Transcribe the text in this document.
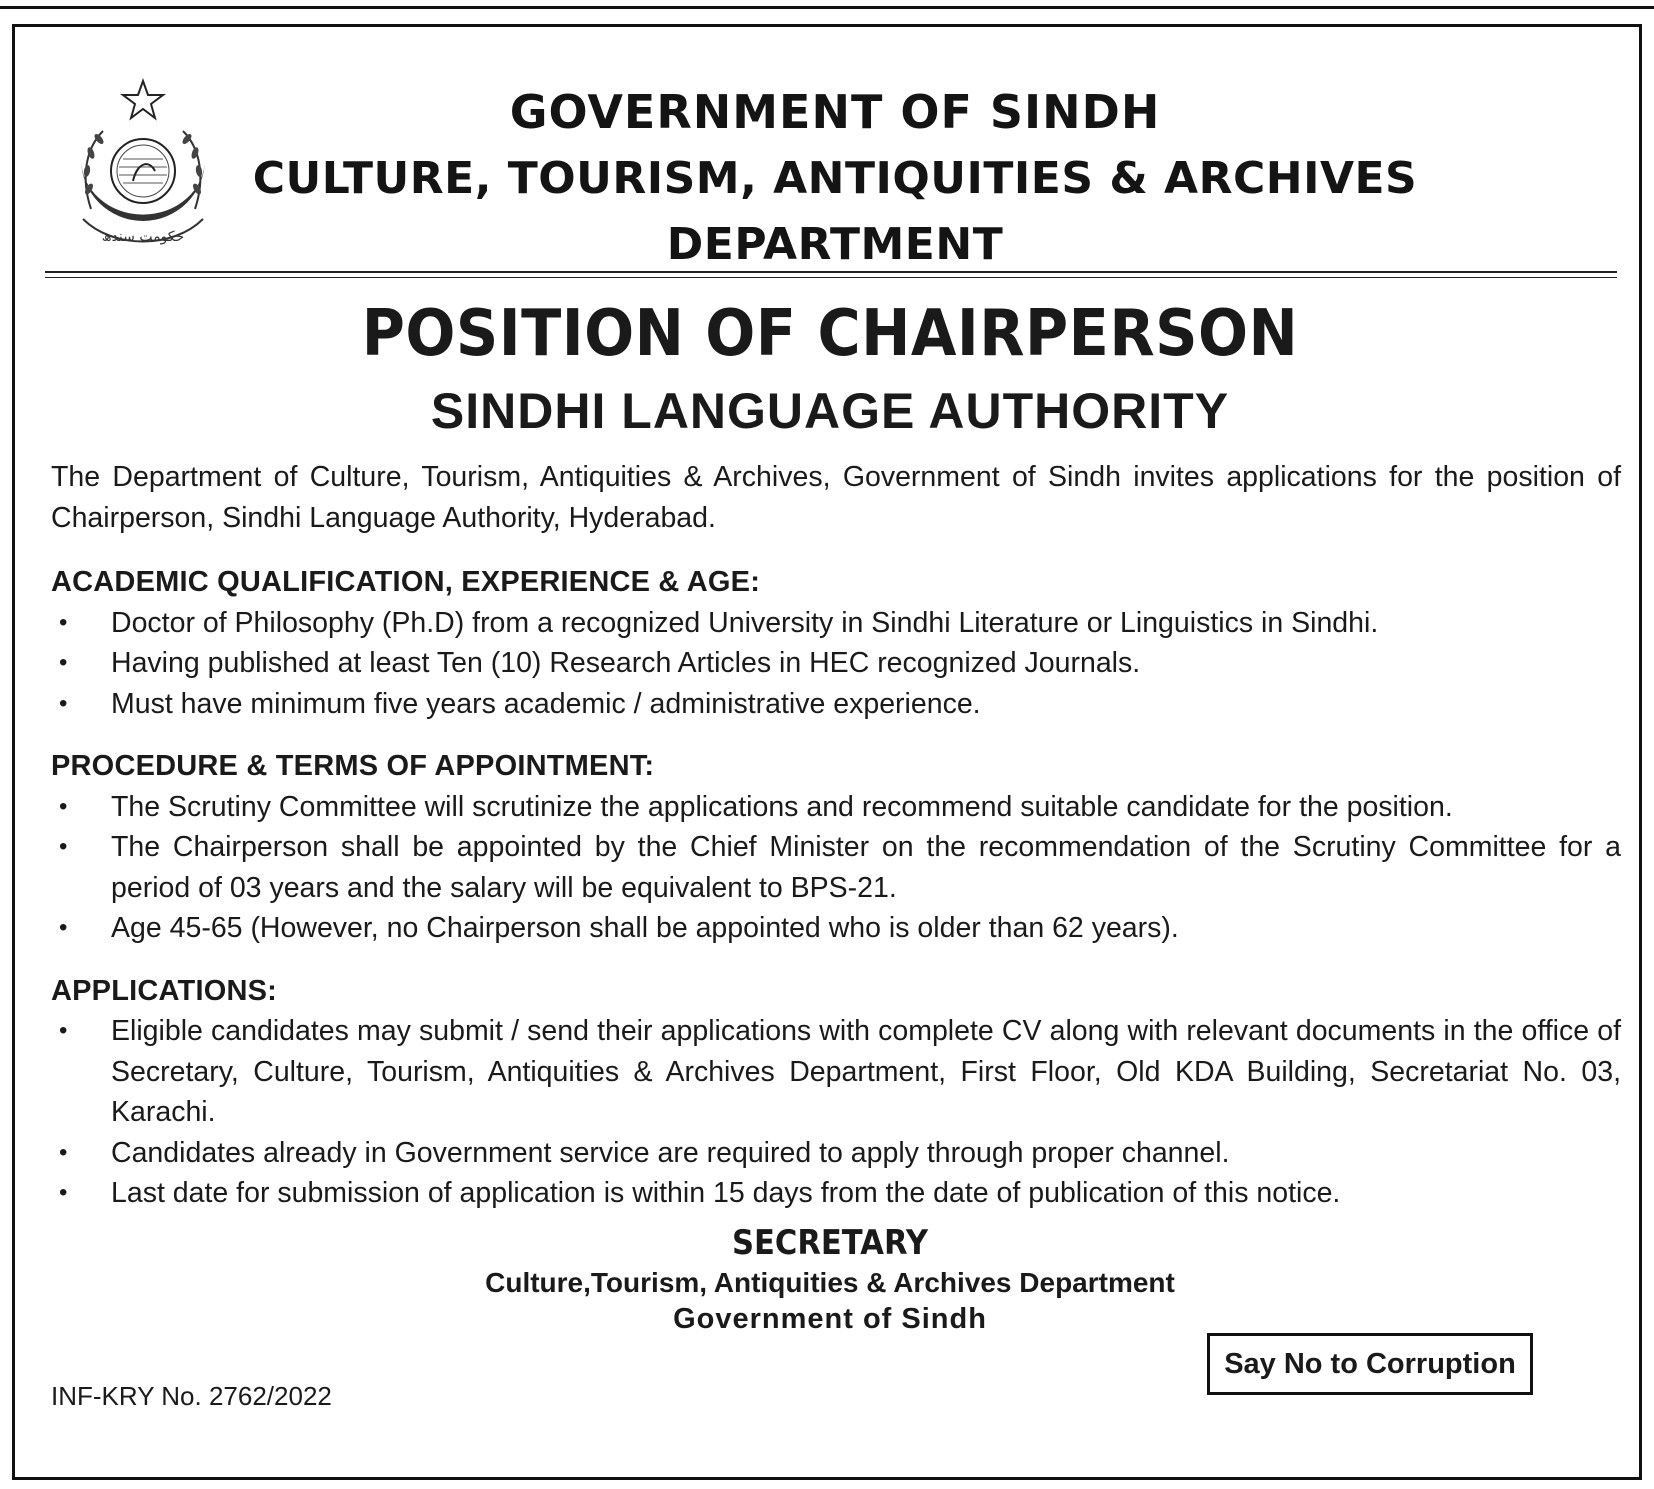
حکومت سندھ
GOVERNMENT OF SINDH
CULTURE, TOURISM, ANTIQUITIES & ARCHIVES
DEPARTMENT
POSITION OF CHAIRPERSON
SINDHI LANGUAGE AUTHORITY

The Department of Culture, Tourism, Antiquities & Archives, Government of Sindh invites applications for the position of Chairperson, Sindhi Language Authority, Hyderabad.

ACADEMIC QUALIFICATION, EXPERIENCE & AGE:

• Doctor of Philosophy (Ph.D) from a recognized University in Sindhi Literature or Linguistics in Sindhi.
• Having published at least Ten (10) Research Articles in HEC recognized Journals.
• Must have minimum five years academic / administrative experience.

PROCEDURE & TERMS OF APPOINTMENT:

• The Scrutiny Committee will scrutinize the applications and recommend suitable candidate for the position.
• The Chairperson shall be appointed by the Chief Minister on the recommendation of the Scrutiny Committee for a period of 03 years and the salary will be equivalent to BPS-21.
• Age 45-65 (However, no Chairperson shall be appointed who is older than 62 years).

APPLICATIONS:

• Eligible candidates may submit / send their applications with complete CV along with relevant documents in the office of Secretary, Culture, Tourism, Antiquities & Archives Department, First Floor, Old KDA Building, Secretariat No. 03, Karachi.
• Candidates already in Government service are required to apply through proper channel.
• Last date for submission of application is within 15 days from the date of publication of this notice.
SECRETARY
Culture,Tourism, Antiquities & Archives Department
Government of Sindh
INF-KRY No. 2762/2022
Say No to Corruption
